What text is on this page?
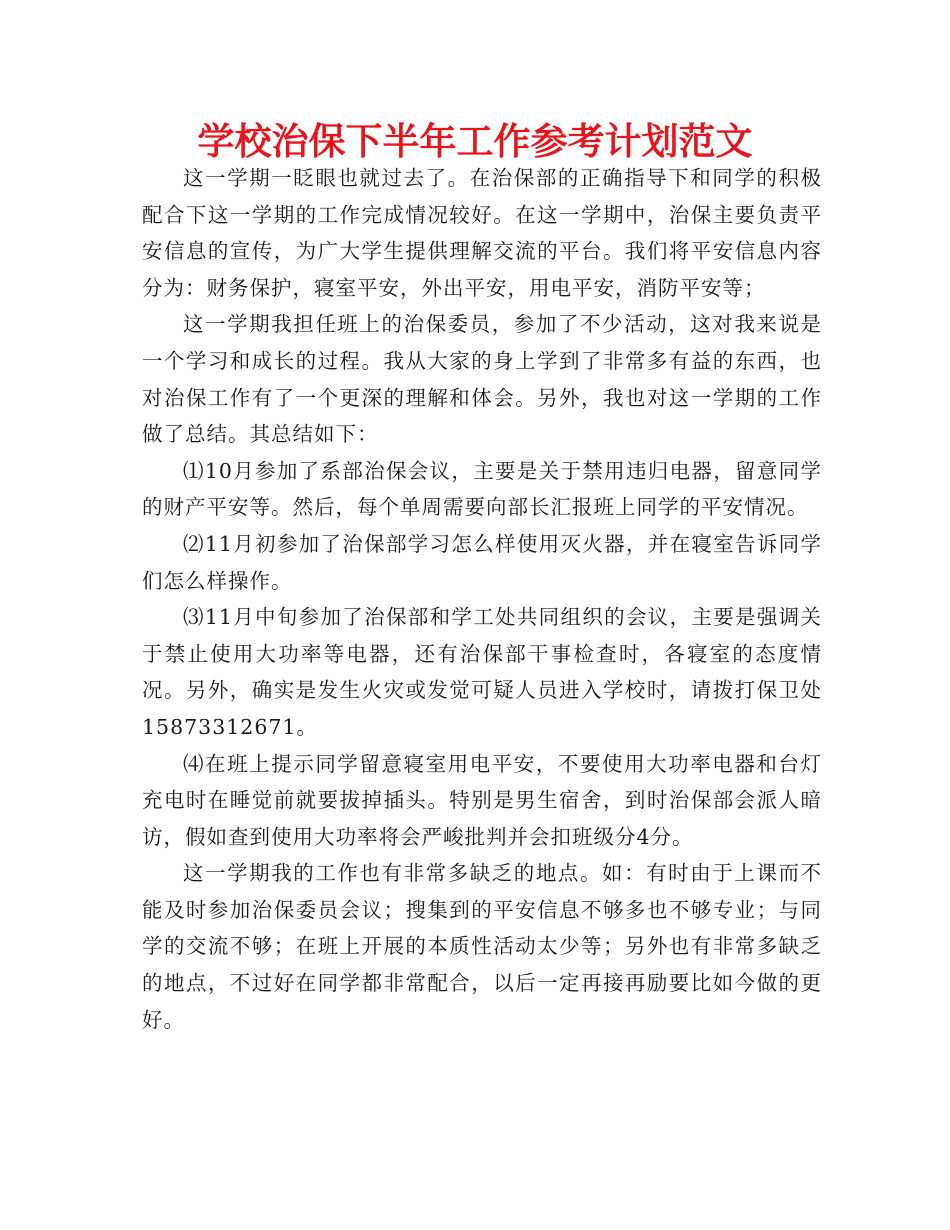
学校治保下半年工作参考计划范文

这一学期一眨眼也就过去了。在治保部的正确指导下和同学的积极配合下这一学期的工作完成情况较好。在这一学期中，治保主要负责平安信息的宣传，为广大学生提供理解交流的平台。我们将平安信息内容分为：财务保护，寝室平安，外出平安，用电平安，消防平安等；

这一学期我担任班上的治保委员，参加了不少活动，这对我来说是一个学习和成长的过程。我从大家的身上学到了非常多有益的东西，也对治保工作有了一个更深的理解和体会。另外，我也对这一学期的工作做了总结。其总结如下：

⑴10月参加了系部治保会议，主要是关于禁用违归电器，留意同学的财产平安等。然后，每个单周需要向部长汇报班上同学的平安情况。

⑵11月初参加了治保部学习怎么样使用灭火器，并在寝室告诉同学们怎么样操作。

⑶11月中旬参加了治保部和学工处共同组织的会议，主要是强调关于禁止使用大功率等电器，还有治保部干事检查时，各寝室的态度情况。另外，确实是发生火灾或发觉可疑人员进入学校时，请拨打保卫处15873312671。

⑷在班上提示同学留意寝室用电平安，不要使用大功率电器和台灯充电时在睡觉前就要拔掉插头。特别是男生宿舍，到时治保部会派人暗访，假如查到使用大功率将会严峻批判并会扣班级分4分。

这一学期我的工作也有非常多缺乏的地点。如：有时由于上课而不能及时参加治保委员会议；搜集到的平安信息不够多也不够专业；与同学的交流不够；在班上开展的本质性活动太少等；另外也有非常多缺乏的地点，不过好在同学都非常配合，以后一定再接再励要比如今做的更好。
